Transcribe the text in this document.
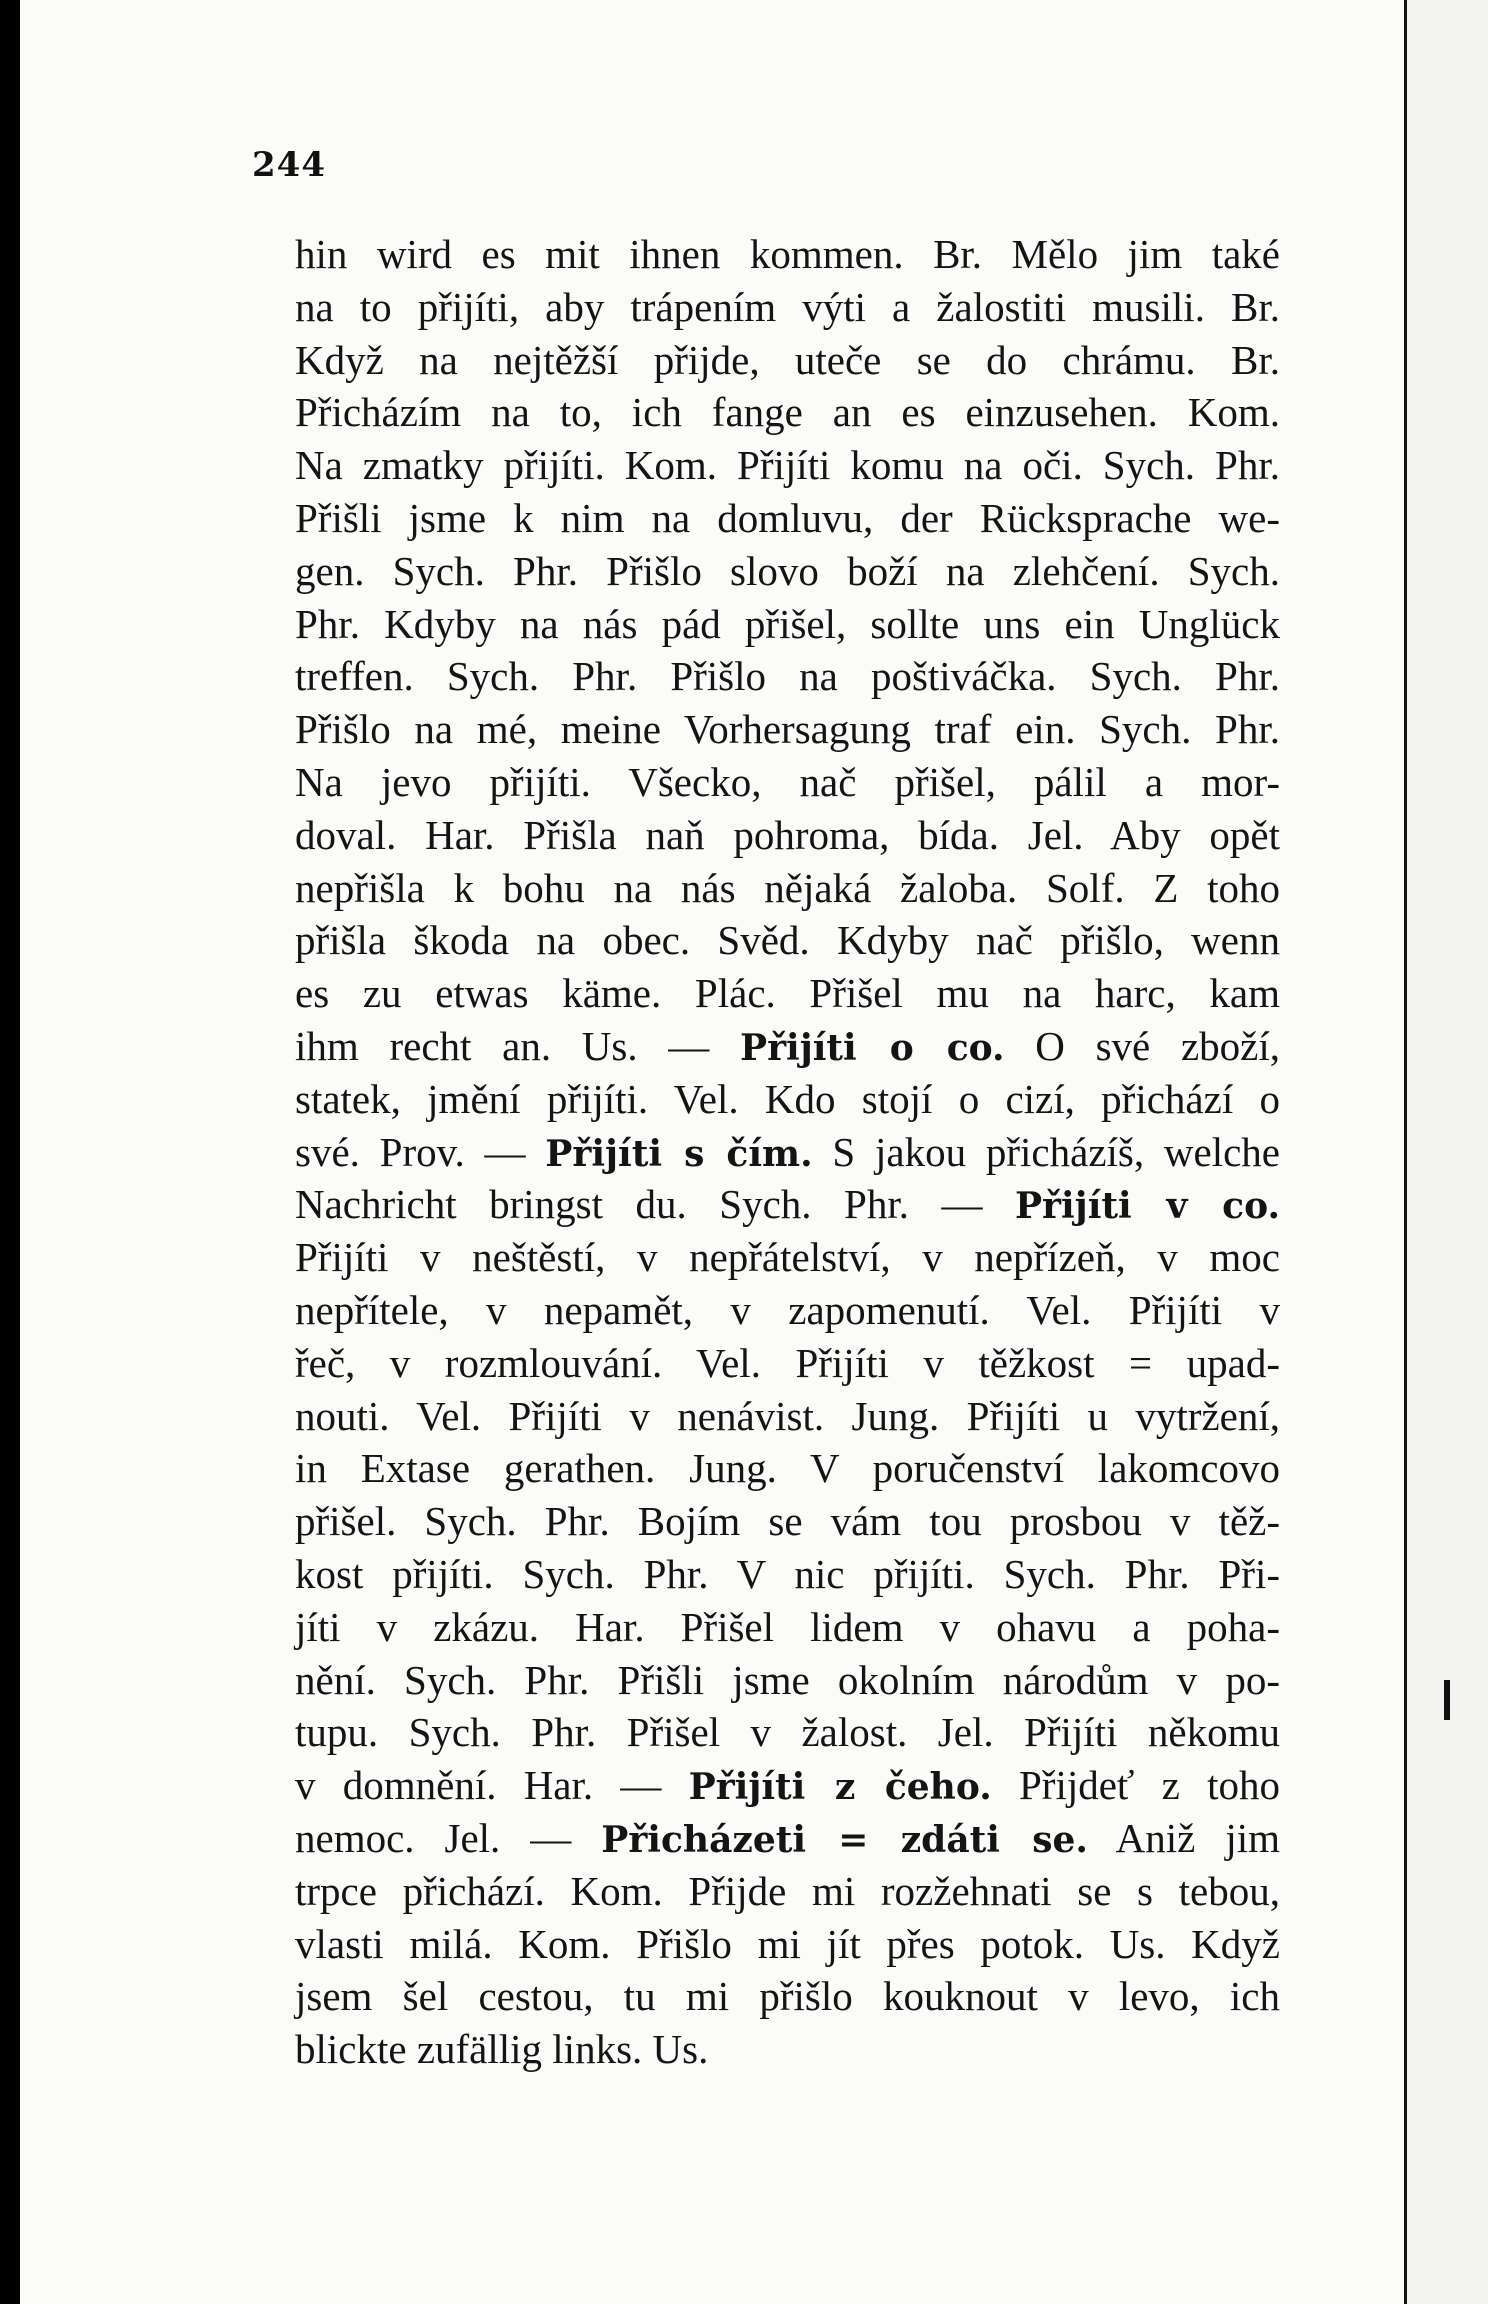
244
hin wird es mit ihnen kommen. Br. Mělo jim také
na to přijíti, aby trápením výti a žalostiti musili. Br.
Když na nejtěžší přijde, uteče se do chrámu. Br.
Přicházím na to, ich fange an es einzusehen. Kom.
Na zmatky přijíti. Kom. Přijíti komu na oči. Sych. Phr.
Přišli jsme k nim na domluvu, der Rücksprache we-
gen. Sych. Phr. Přišlo slovo boží na zlehčení. Sych.
Phr. Kdyby na nás pád přišel, sollte uns ein Unglück
treffen. Sych. Phr. Přišlo na poštiváčka. Sych. Phr.
Přišlo na mé, meine Vorhersagung traf ein. Sych. Phr.
Na jevo přijíti. Všecko, nač přišel, pálil a mor-
doval. Har. Přišla naň pohroma, bída. Jel. Aby opět
nepřišla k bohu na nás nějaká žaloba. Solf. Z toho
přišla škoda na obec. Svěd. Kdyby nač přišlo, wenn
es zu etwas käme. Plác. Přišel mu na harc, kam
ihm recht an. Us. — Přijíti o co. O své zboží,
statek, jmění přijíti. Vel. Kdo stojí o cizí, přichází o
své. Prov. — Přijíti s čím. S jakou přicházíš, welche
Nachricht bringst du. Sych. Phr. — Přijíti v co.
Přijíti v neštěstí, v nepřátelství, v nepřízeň, v moc
nepřítele, v nepamět, v zapomenutí. Vel. Přijíti v
řeč, v rozmlouvání. Vel. Přijíti v těžkost = upad-
nouti. Vel. Přijíti v nenávist. Jung. Přijíti u vytržení,
in Extase gerathen. Jung. V poručenství lakomcovo
přišel. Sych. Phr. Bojím se vám tou prosbou v těž-
kost přijíti. Sych. Phr. V nic přijíti. Sych. Phr. Při-
jíti v zkázu. Har. Přišel lidem v ohavu a poha-
nění. Sych. Phr. Přišli jsme okolním národům v po-
tupu. Sych. Phr. Přišel v žalost. Jel. Přijíti někomu
v domnění. Har. — Přijíti z čeho. Přijdeť z toho
nemoc. Jel. — Přicházeti = zdáti se. Aniž jim
trpce přichází. Kom. Přijde mi rozžehnati se s tebou,
vlasti milá. Kom. Přišlo mi jít přes potok. Us. Když
jsem šel cestou, tu mi přišlo kouknout v levo, ich
blickte zufällig links. Us.
